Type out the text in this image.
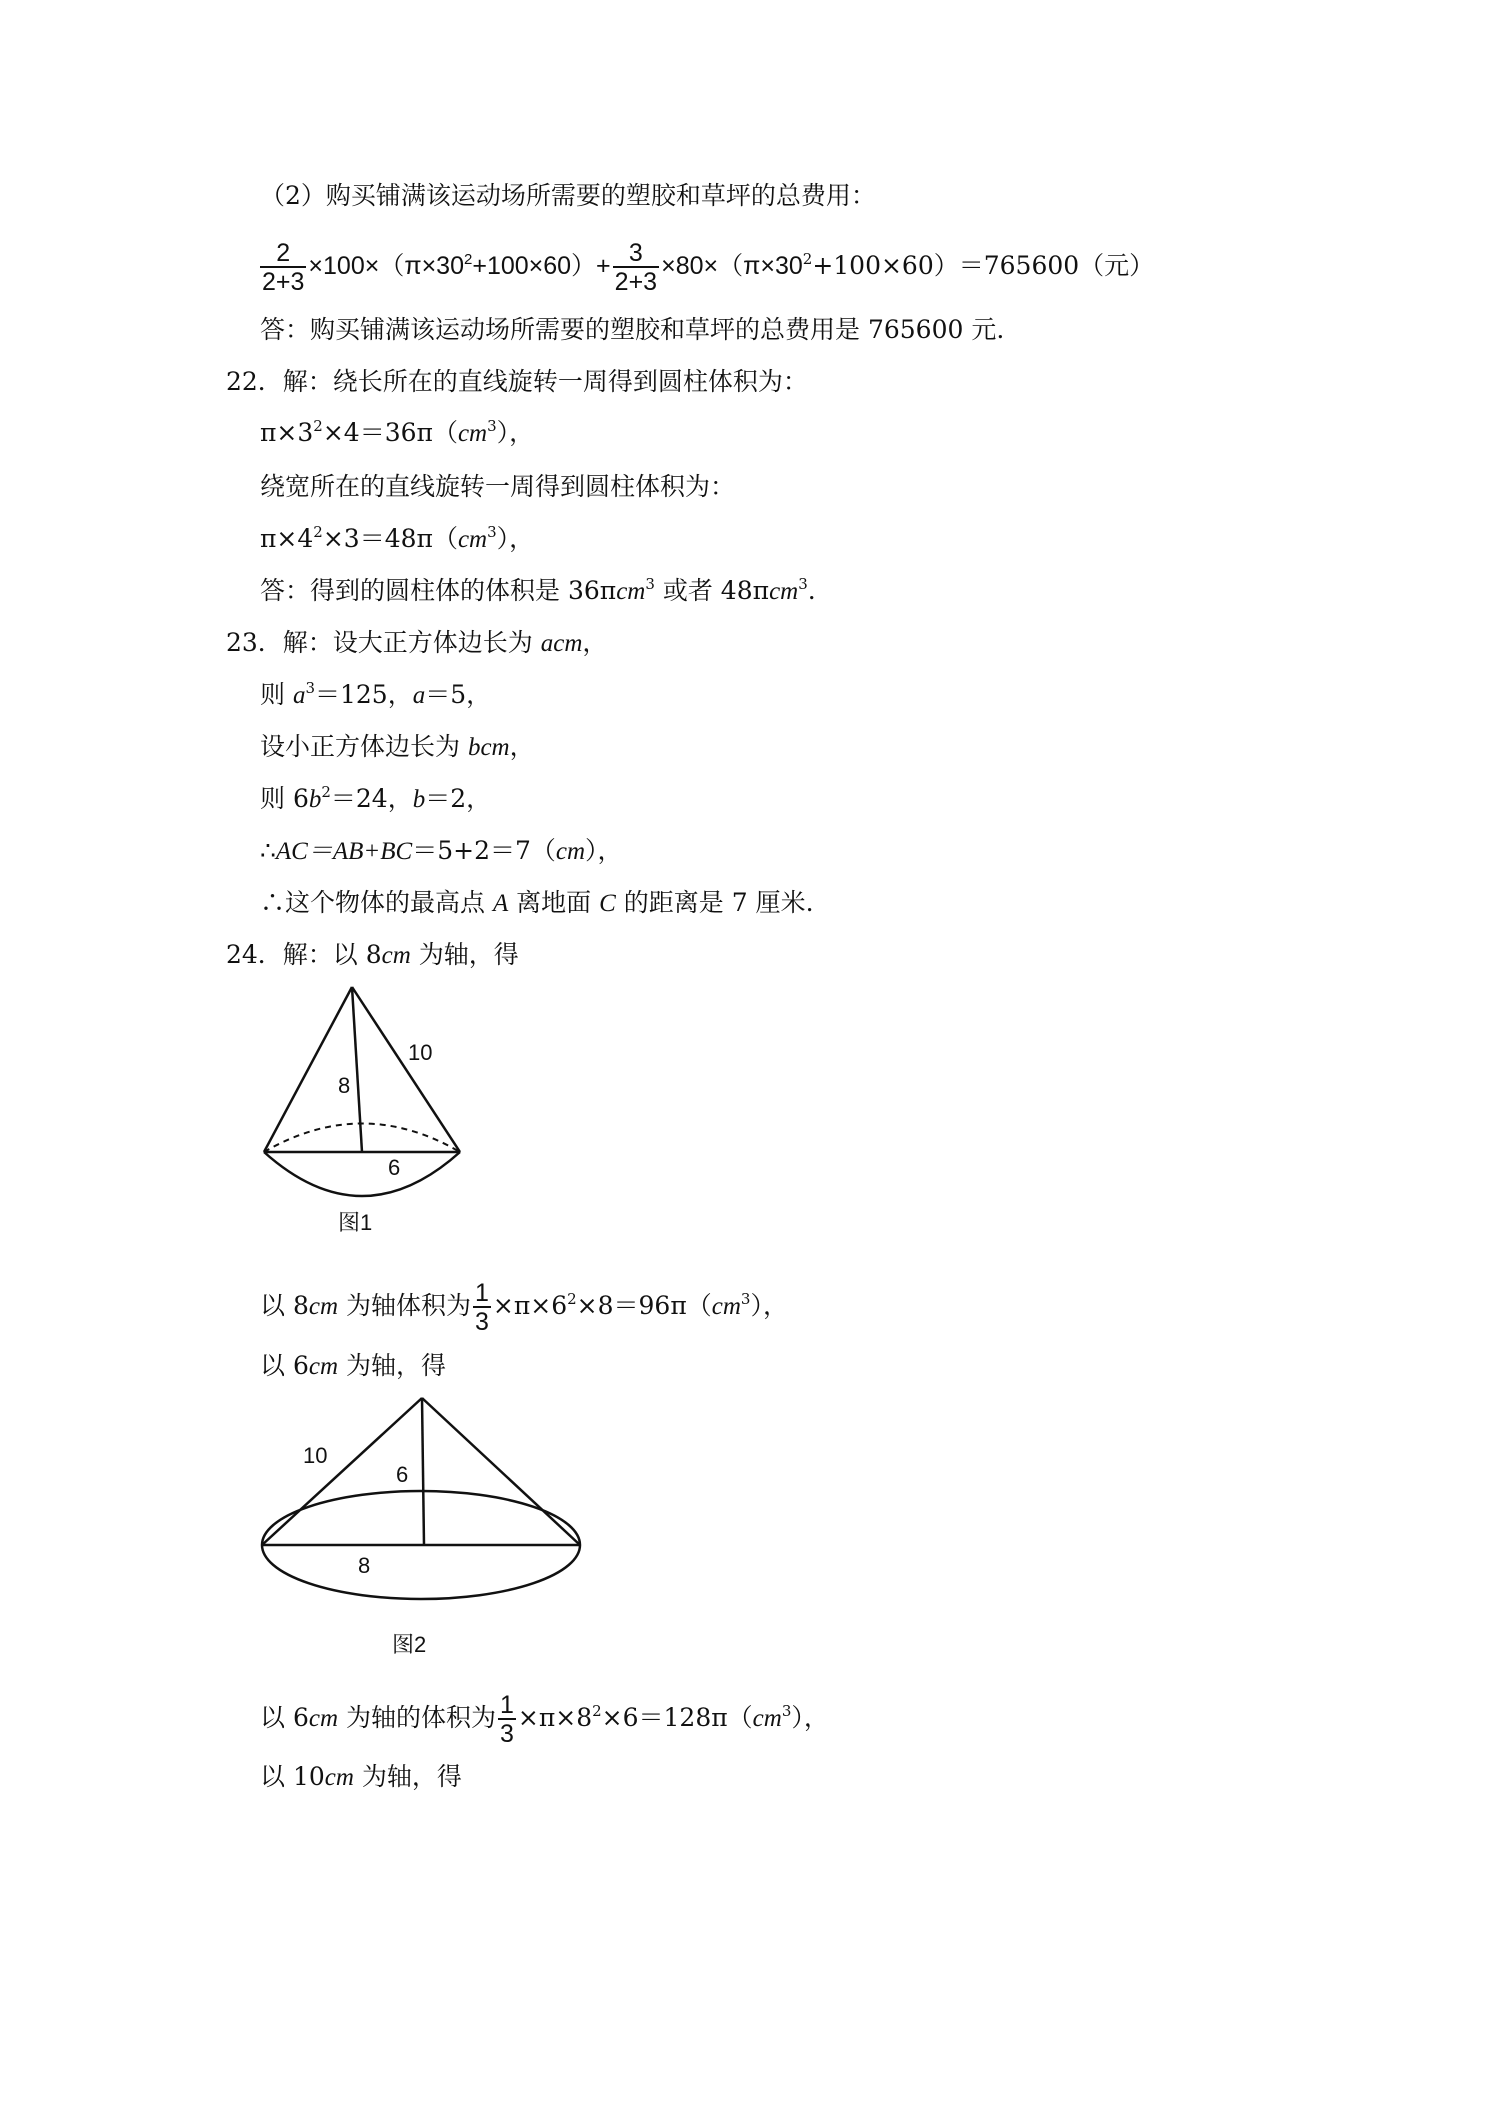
（2）购买铺满该运动场所需要的塑胶和草坪的总费用：
$\frac{2}{2+3} \times 100\times(\pi\times 30^2+100\times 60)+ \frac{3}{2+3} \times 80\times(\pi\times 30^2+100\times 60)=765600$（元）
答：购买铺满该运动场所需要的塑胶和草坪的总费用是 765600 元.
22．解：绕长所在的直线旋转一周得到圆柱体积为：
$\pi\times 3^2\times 4=36\pi(cm^3)$，
绕宽所在的直线旋转一周得到圆柱体积为：
$\pi\times 4^2\times 3=48\pi(cm^3)$，
答：得到的圆柱体的体积是 36πcm$^3$ 或者 48πcm$^3$.
23．解：设大正方体边长为 acm，
则 $a^3=125$，a＝5，
设小正方体边长为 bcm，
则 $6b^2=24$，b＝2，
∴AC＝AB+BC＝5+2＝7（cm），
∴这个物体的最高点 A 离地面 C 的距离是 7 厘米.
24．解：以 8cm 为轴，得
10
8
6
图1
以 8cm 为轴体积为 $\frac{1}{3} \times\pi\times 6^2\times 8=96\pi(cm^3)$，
以 6cm 为轴，得
10
6
8
图2
以 6cm 为轴的体积为 $\frac{1}{3} \times\pi\times 8^2\times 6=128\pi(cm^3)$，
以 10cm 为轴，得
